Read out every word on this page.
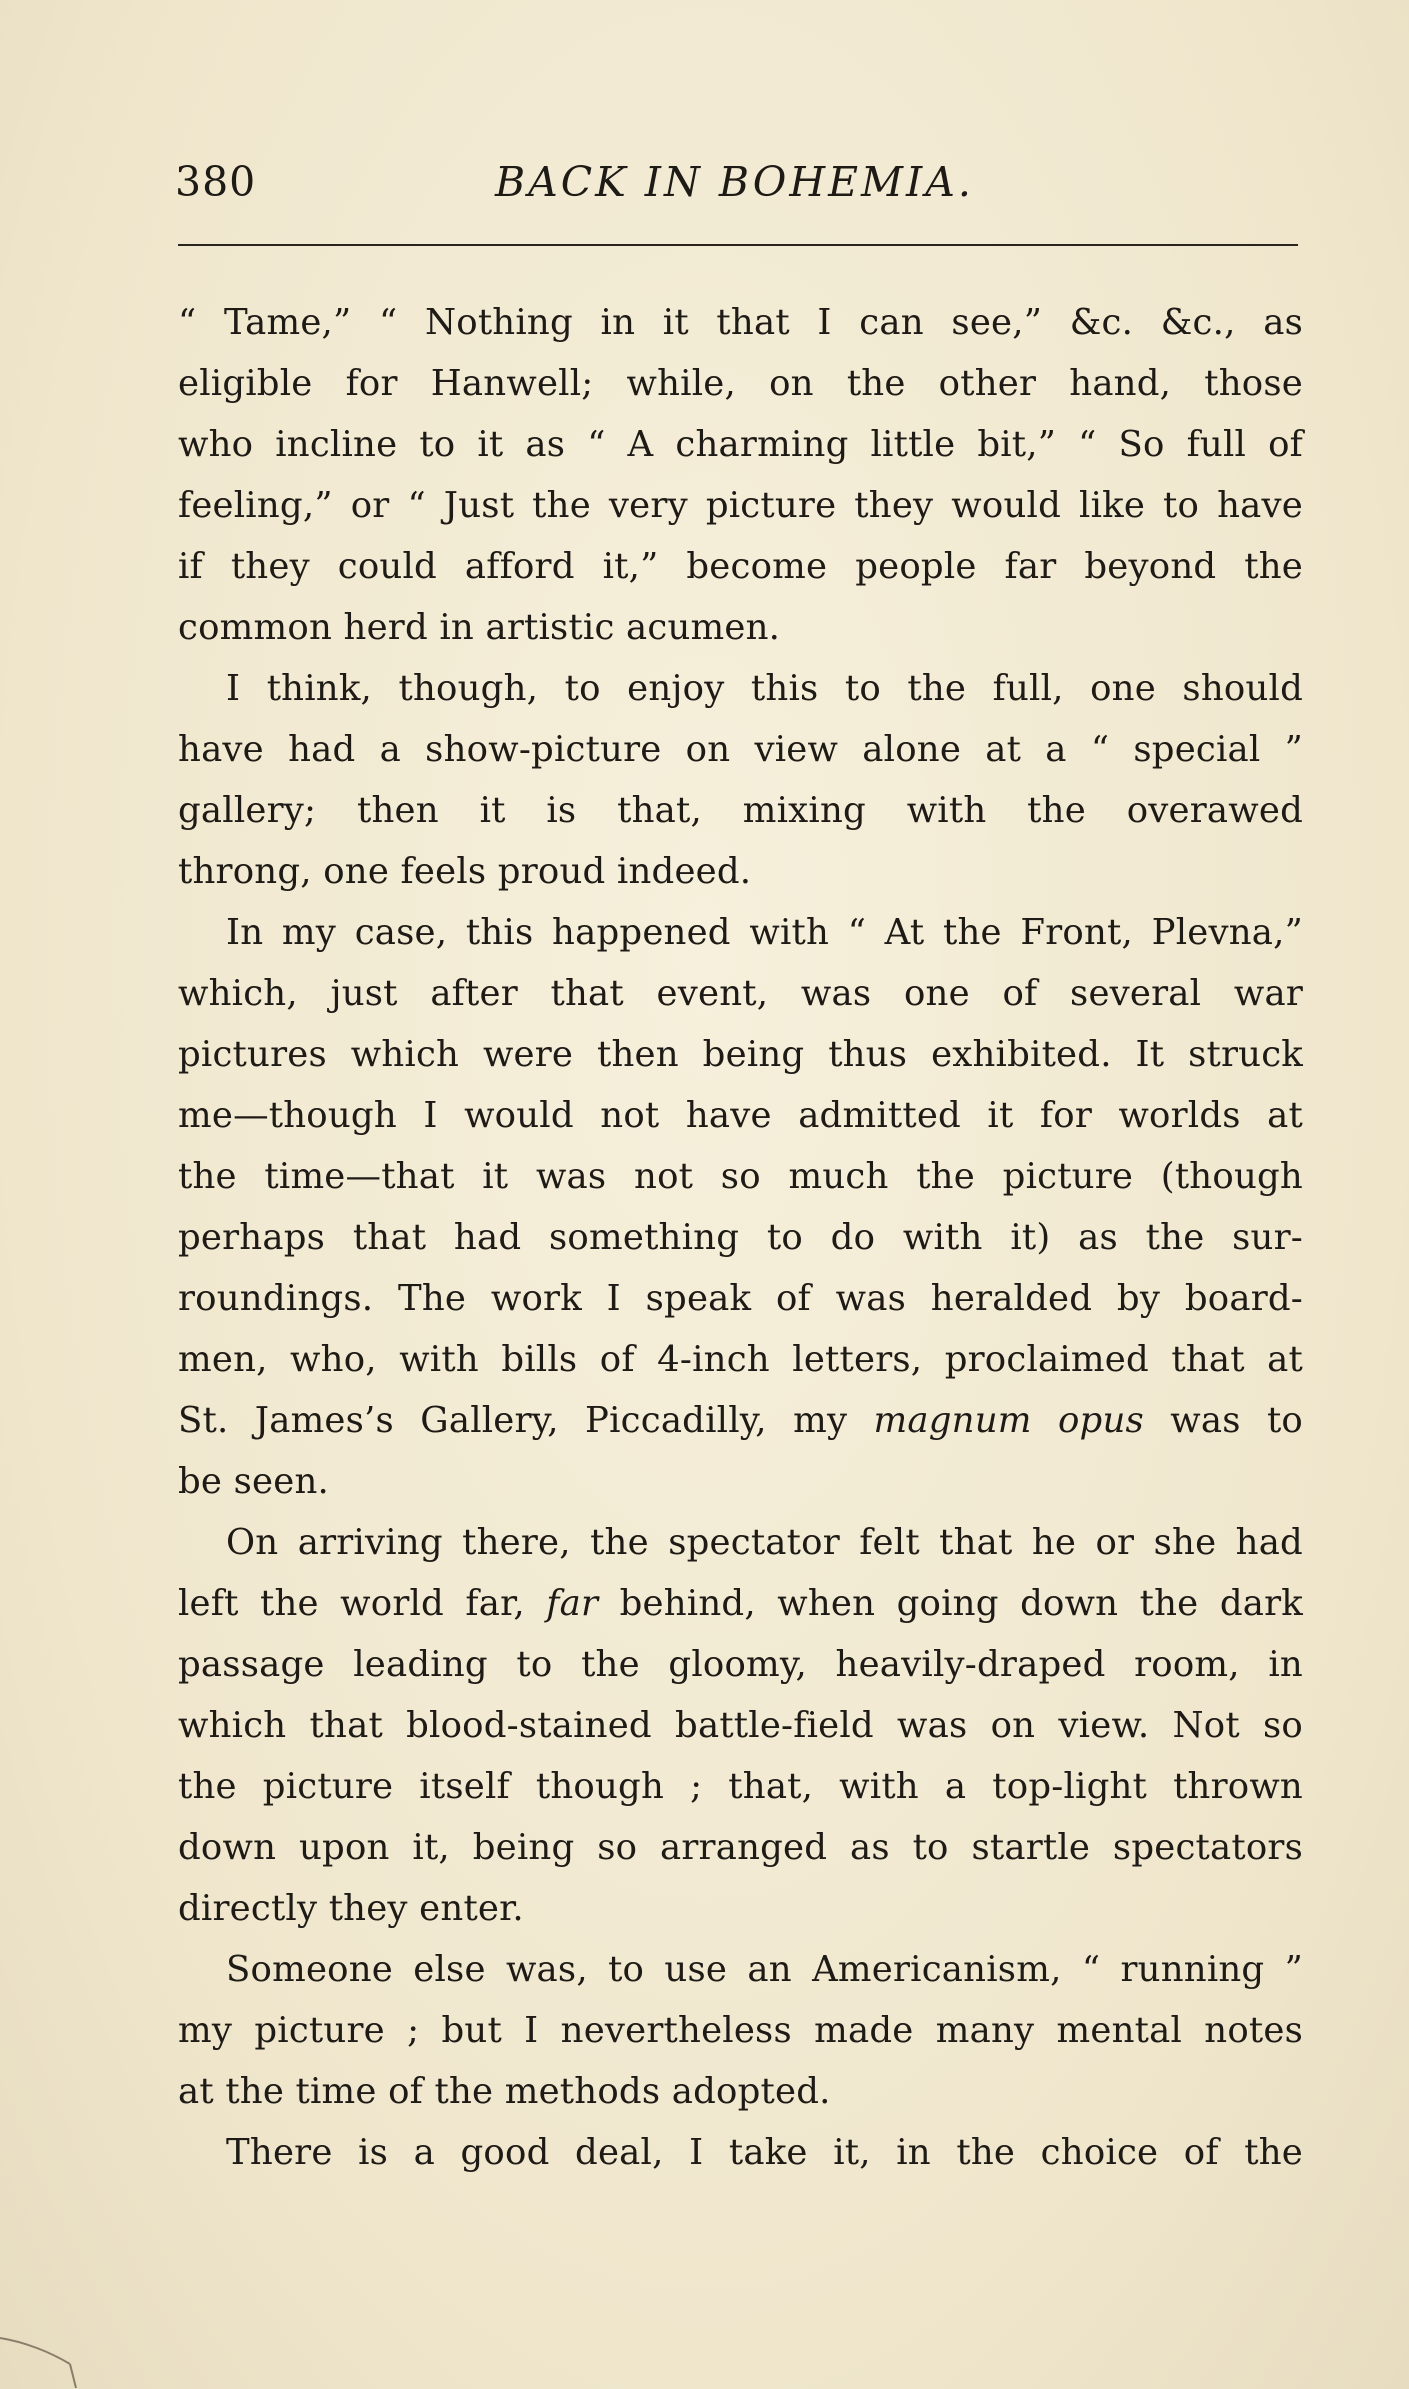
380	BACK IN BOHEMIA.
“ Tame,” “ Nothing in it that I can see,” &c. &c., as
eligible for Hanwell; while, on the other hand, those
who incline to it as “ A charming little bit,” “ So full of
feeling,” or “ Just the very picture they would like to have
if they could afford it,” become people far beyond the
common herd in artistic acumen.
I think, though, to enjoy this to the full, one should
have had a show-picture on view alone at a “ special ”
gallery; then it is that, mixing with the overawed
throng, one feels proud indeed.
In my case, this happened with “ At the Front, Plevna,”
which, just after that event, was one of several war
pictures which were then being thus exhibited. It struck
me—though I would not have admitted it for worlds at
the time—that it was not so much the picture (though
perhaps that had something to do with it) as the sur-
roundings. The work I speak of was heralded by board-
men, who, with bills of 4-inch letters, proclaimed that at
St. James’s Gallery, Piccadilly, my magnum opus was to
be seen.
On arriving there, the spectator felt that he or she had
left the world far, far behind, when going down the dark
passage leading to the gloomy, heavily-draped room, in
which that blood-stained battle-field was on view. Not so
the picture itself though ; that, with a top-light thrown
down upon it, being so arranged as to startle spectators
directly they enter.
Someone else was, to use an Americanism, “ running ”
my picture ; but I nevertheless made many mental notes
at the time of the methods adopted.
There is a good deal, I take it, in the choice of the
